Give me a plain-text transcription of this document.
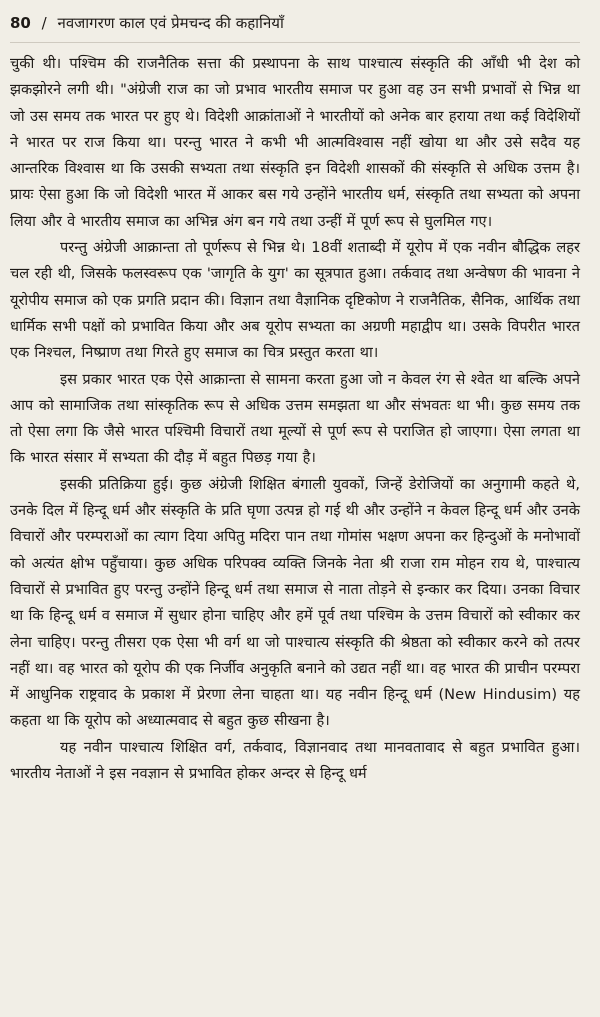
80 / नवजागरण काल एवं प्रेमचन्द की कहानियाँ

चुकी थी। पश्चिम की राजनैतिक सत्ता की प्रस्थापना के साथ पाश्चात्य संस्कृति की आँधी भी देश को झकझोरने लगी थी। "अंग्रेजी राज का जो प्रभाव भारतीय समाज पर हुआ वह उन सभी प्रभावों से भिन्न था जो उस समय तक भारत पर हुए थे। विदेशी आक्रांताओं ने भारतीयों को अनेक बार हराया तथा कई विदेशियों ने भारत पर राज किया था। परन्तु भारत ने कभी भी आत्मविश्वास नहीं खोया था और उसे सदैव यह आन्तरिक विश्वास था कि उसकी सभ्यता तथा संस्कृति इन विदेशी शासकों की संस्कृति से अधिक उत्तम है। प्रायः ऐसा हुआ कि जो विदेशी भारत में आकर बस गये उन्होंने भारतीय धर्म, संस्कृति तथा सभ्यता को अपना लिया और वे भारतीय समाज का अभिन्न अंग बन गये तथा उन्हीं में पूर्ण रूप से घुलमिल गए।

परन्तु अंग्रेजी आक्रान्ता तो पूर्णरूप से भिन्न थे। 18वीं शताब्दी में यूरोप में एक नवीन बौद्धिक लहर चल रही थी, जिसके फलस्वरूप एक 'जागृति के युग' का सूत्रपात हुआ। तर्कवाद तथा अन्वेषण की भावना ने यूरोपीय समाज को एक प्रगति प्रदान की। विज्ञान तथा वैज्ञानिक दृष्टिकोण ने राजनैतिक, सैनिक, आर्थिक तथा धार्मिक सभी पक्षों को प्रभावित किया और अब यूरोप सभ्यता का अग्रणी महाद्वीप था। उसके विपरीत भारत एक निश्चल, निष्प्राण तथा गिरते हुए समाज का चित्र प्रस्तुत करता था।

इस प्रकार भारत एक ऐसे आक्रान्ता से सामना करता हुआ जो न केवल रंग से श्वेत था बल्कि अपने आप को सामाजिक तथा सांस्कृतिक रूप से अधिक उत्तम समझता था और संभवतः था भी। कुछ समय तक तो ऐसा लगा कि जैसे भारत पश्चिमी विचारों तथा मूल्यों से पूर्ण रूप से पराजित हो जाएगा। ऐसा लगता था कि भारत संसार में सभ्यता की दौड़ में बहुत पिछड़ गया है।

इसकी प्रतिक्रिया हुई। कुछ अंग्रेजी शिक्षित बंगाली युवकों, जिन्हें डेरोजियों का अनुगामी कहते थे, उनके दिल में हिन्दू धर्म और संस्कृति के प्रति घृणा उत्पन्न हो गई थी और उन्होंने न केवल हिन्दू धर्म और उनके विचारों और परम्पराओं का त्याग दिया अपितु मदिरा पान तथा गोमांस भक्षण अपना कर हिन्दुओं के मनोभावों को अत्यंत क्षोभ पहुँचाया। कुछ अधिक परिपक्व व्यक्ति जिनके नेता श्री राजा राम मोहन राय थे, पाश्चात्य विचारों से प्रभावित हुए परन्तु उन्होंने हिन्दू धर्म तथा समाज से नाता तोड़ने से इन्कार कर दिया। उनका विचार था कि हिन्दू धर्म व समाज में सुधार होना चाहिए और हमें पूर्व तथा पश्चिम के उत्तम विचारों को स्वीकार कर लेना चाहिए। परन्तु तीसरा एक ऐसा भी वर्ग था जो पाश्चात्य संस्कृति की श्रेष्ठता को स्वीकार करने को तत्पर नहीं था। वह भारत को यूरोप की एक निर्जीव अनुकृति बनाने को उद्यत नहीं था। वह भारत की प्राचीन परम्परा में आधुनिक राष्ट्रवाद के प्रकाश में प्रेरणा लेना चाहता था। यह नवीन हिन्दू धर्म (New Hindusim) यह कहता था कि यूरोप को अध्यात्मवाद से बहुत कुछ सीखना है।

यह नवीन पाश्चात्य शिक्षित वर्ग, तर्कवाद, विज्ञानवाद तथा मानवतावाद से बहुत प्रभावित हुआ। भारतीय नेताओं ने इस नवज्ञान से प्रभावित होकर अन्दर से हिन्दू धर्म
